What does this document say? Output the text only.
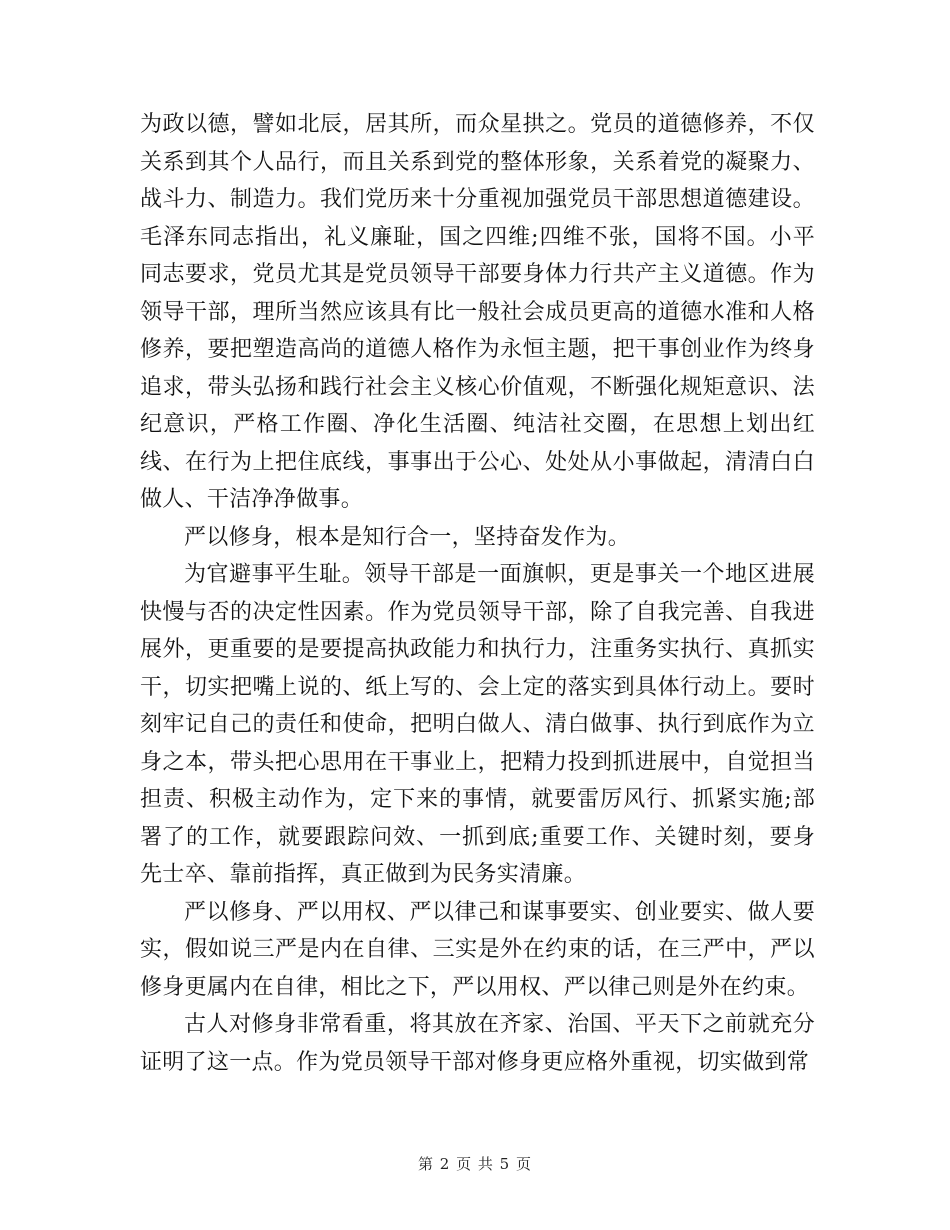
为政以德，譬如北辰，居其所，而众星拱之。党员的道德修养，不仅关系到其个人品行，而且关系到党的整体形象，关系着党的凝聚力、战斗力、制造力。我们党历来十分重视加强党员干部思想道德建设。毛泽东同志指出，礼义廉耻，国之四维;四维不张，国将不国。小平同志要求，党员尤其是党员领导干部要身体力行共产主义道德。作为领导干部，理所当然应该具有比一般社会成员更高的道德水准和人格修养，要把塑造高尚的道德人格作为永恒主题，把干事创业作为终身追求，带头弘扬和践行社会主义核心价值观，不断强化规矩意识、法纪意识，严格工作圈、净化生活圈、纯洁社交圈，在思想上划出红线、在行为上把住底线，事事出于公心、处处从小事做起，清清白白做人、干洁净净做事。

严以修身，根本是知行合一，坚持奋发作为。

为官避事平生耻。领导干部是一面旗帜，更是事关一个地区进展快慢与否的决定性因素。作为党员领导干部，除了自我完善、自我进展外，更重要的是要提高执政能力和执行力，注重务实执行、真抓实干，切实把嘴上说的、纸上写的、会上定的落实到具体行动上。要时刻牢记自己的责任和使命，把明白做人、清白做事、执行到底作为立身之本，带头把心思用在干事业上，把精力投到抓进展中，自觉担当担责、积极主动作为，定下来的事情，就要雷厉风行、抓紧实施;部署了的工作，就要跟踪问效、一抓到底;重要工作、关键时刻，要身先士卒、靠前指挥，真正做到为民务实清廉。

严以修身、严以用权、严以律己和谋事要实、创业要实、做人要实，假如说三严是内在自律、三实是外在约束的话，在三严中，严以修身更属内在自律，相比之下，严以用权、严以律己则是外在约束。

古人对修身非常看重，将其放在齐家、治国、平天下之前就充分证明了这一点。作为党员领导干部对修身更应格外重视，切实做到常

第 2 页 共 5 页
